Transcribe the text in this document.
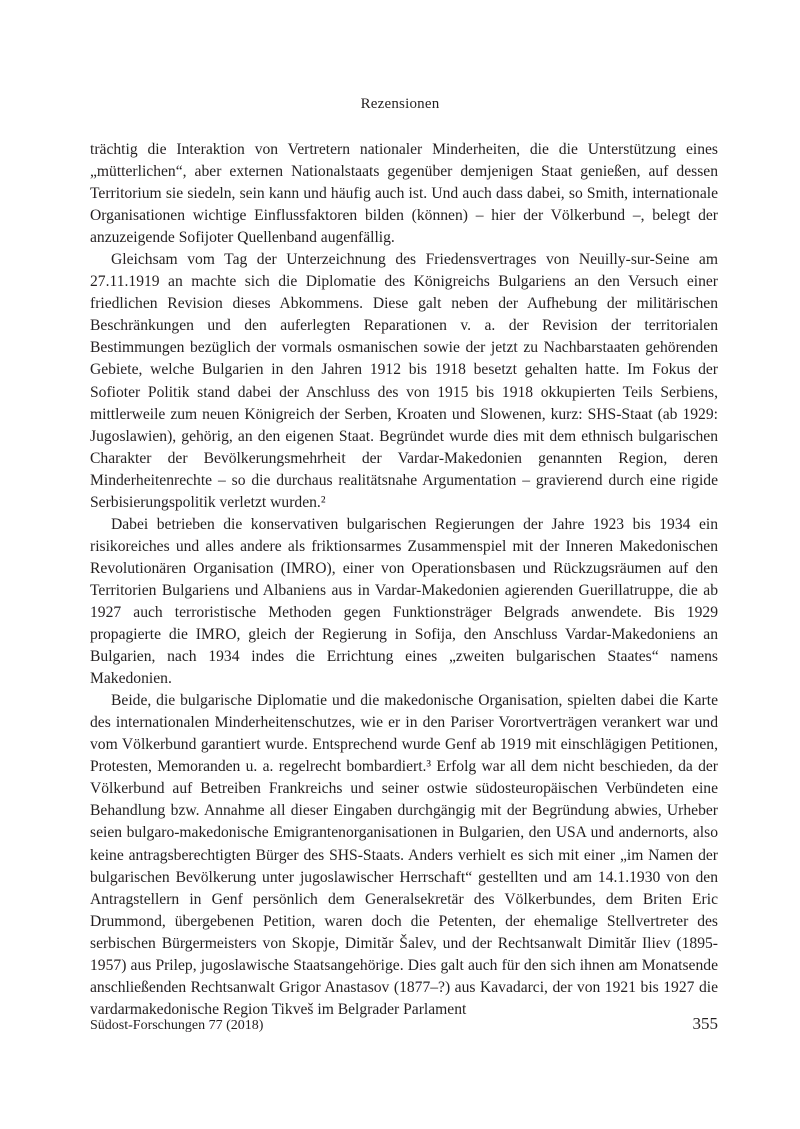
Rezensionen

trächtig die Interaktion von Vertretern nationaler Minderheiten, die die Unterstützung eines „mütterlichen“, aber externen Nationalstaats gegenüber demjenigen Staat genießen, auf dessen Territorium sie siedeln, sein kann und häufig auch ist. Und auch dass dabei, so Smith, internationale Organisationen wichtige Einflussfaktoren bilden (können) – hier der Völkerbund –, belegt der anzuzeigende Sofijoter Quellenband augenfällig.

Gleichsam vom Tag der Unterzeichnung des Friedensvertrages von Neuilly-sur-Seine am 27.11.1919 an machte sich die Diplomatie des Königreichs Bulgariens an den Versuch einer friedlichen Revision dieses Abkommens. Diese galt neben der Aufhebung der militärischen Beschränkungen und den auferlegten Reparationen v. a. der Revision der territorialen Bestimmungen bezüglich der vormals osmanischen sowie der jetzt zu Nachbarstaaten gehörenden Gebiete, welche Bulgarien in den Jahren 1912 bis 1918 besetzt gehalten hatte. Im Fokus der Sofioter Politik stand dabei der Anschluss des von 1915 bis 1918 okkupierten Teils Serbiens, mittlerweile zum neuen Königreich der Serben, Kroaten und Slowenen, kurz: SHS-Staat (ab 1929: Jugoslawien), gehörig, an den eigenen Staat. Begründet wurde dies mit dem ethnisch bulgarischen Charakter der Bevölkerungsmehrheit der Vardar-Makedonien genannten Region, deren Minderheitenrechte – so die durchaus realitätsnahe Argumentation – gravierend durch eine rigide Serbisierungspolitik verletzt wurden.²

Dabei betrieben die konservativen bulgarischen Regierungen der Jahre 1923 bis 1934 ein risikoreiches und alles andere als friktionsarmes Zusammenspiel mit der Inneren Makedonischen Revolutionären Organisation (IMRO), einer von Operationsbasen und Rückzugsräumen auf den Territorien Bulgariens und Albaniens aus in Vardar-Makedonien agierenden Guerillatruppe, die ab 1927 auch terroristische Methoden gegen Funktionsträger Belgrads anwendete. Bis 1929 propagierte die IMRO, gleich der Regierung in Sofija, den Anschluss Vardar-Makedoniens an Bulgarien, nach 1934 indes die Errichtung eines „zweiten bulgarischen Staates“ namens Makedonien.

Beide, die bulgarische Diplomatie und die makedonische Organisation, spielten dabei die Karte des internationalen Minderheitenschutzes, wie er in den Pariser Vorortverträgen verankert war und vom Völkerbund garantiert wurde. Entsprechend wurde Genf ab 1919 mit einschlägigen Petitionen, Protesten, Memoranden u. a. regelrecht bombardiert.³ Erfolg war all dem nicht beschieden, da der Völkerbund auf Betreiben Frankreichs und seiner ostwie südosteuropäischen Verbündeten eine Behandlung bzw. Annahme all dieser Eingaben durchgängig mit der Begründung abwies, Urheber seien bulgaro-makedonische Emigrantenorganisationen in Bulgarien, den USA und andernorts, also keine antragsberechtigten Bürger des SHS-Staats. Anders verhielt es sich mit einer „im Namen der bulgarischen Bevölkerung unter jugoslawischer Herrschaft“ gestellten und am 14.1.1930 von den Antragstellern in Genf persönlich dem Generalsekretär des Völkerbundes, dem Briten Eric Drummond, übergebenen Petition, waren doch die Petenten, der ehemalige Stellvertreter des serbischen Bürgermeisters von Skopje, Dimităr Šalev, und der Rechtsanwalt Dimităr Iliev (1895-1957) aus Prilep, jugoslawische Staatsangehörige. Dies galt auch für den sich ihnen am Monatsende anschließenden Rechtsanwalt Grigor Anastasov (1877–?) aus Kavadarci, der von 1921 bis 1927 die vardarmakedonische Region Tikveš im Belgrader Parlament

Südost-Forschungen 77 (2018)	355
